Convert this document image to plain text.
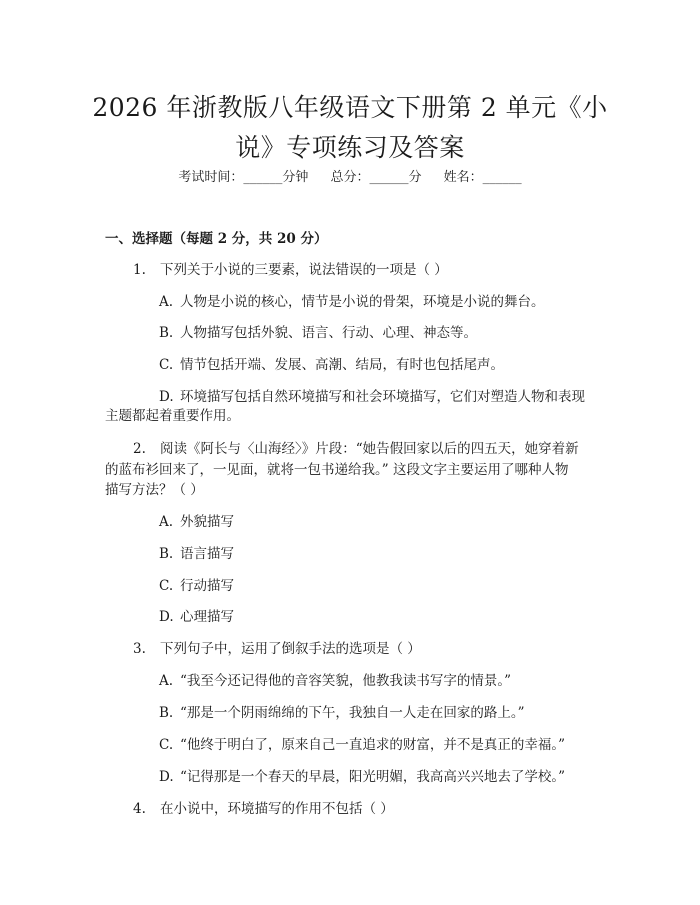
2026 年浙教版八年级语文下册第 2 单元《小
说》专项练习及答案
考试时间：______分钟 总分：______分 姓名：______
一、选择题（每题 2 分，共 20 分）

1. 下列关于小说的三要素，说法错误的一项是（ ）

A. 人物是小说的核心，情节是小说的骨架，环境是小说的舞台。

B. 人物描写包括外貌、语言、行动、心理、神态等。

C. 情节包括开端、发展、高潮、结局，有时也包括尾声。

D. 环境描写包括自然环境描写和社会环境描写，它们对塑造人物和表现

主题都起着重要作用。

2. 阅读《阿长与〈山海经〉》片段：“她告假回家以后的四五天，她穿着新

的蓝布衫回来了，一见面，就将一包书递给我。” 这段文字主要运用了哪种人物

描写方法？（ ）

A. 外貌描写

B. 语言描写

C. 行动描写

D. 心理描写

3. 下列句子中，运用了倒叙手法的选项是（ ）

A. “我至今还记得他的音容笑貌，他教我读书写字的情景。”

B. “那是一个阴雨绵绵的下午，我独自一人走在回家的路上。”

C. “他终于明白了，原来自己一直追求的财富，并不是真正的幸福。”

D. “记得那是一个春天的早晨，阳光明媚，我高高兴兴地去了学校。”

4. 在小说中，环境描写的作用不包括（ ）
